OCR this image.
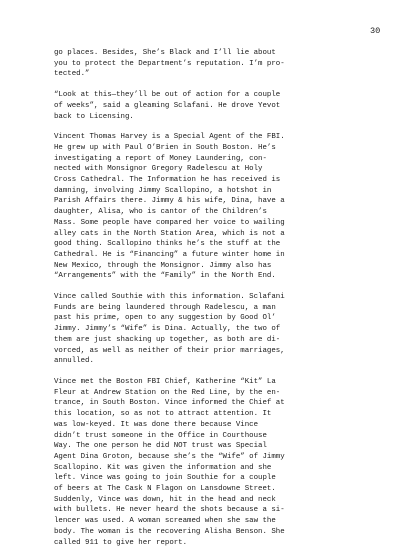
30

go places. Besides, She’s Black and I’ll lie about
you to protect the Department’s reputation. I’m pro-
tected.”

“Look at this—they’ll be out of action for a couple
of weeks”, said a gleaming Sclafani. He drove Yevot
back to Licensing.

Vincent Thomas Harvey is a Special Agent of the FBI.
He grew up with Paul O’Brien in South Boston. He’s
investigating a report of Money Laundering, con-
nected with Monsignor Gregory Radelescu at Holy
Cross Cathedral. The Information he has received is
damning, involving Jimmy Scallopino, a hotshot in
Parish Affairs there. Jimmy & his wife, Dina, have a
daughter, Alisa, who is cantor of the Children’s
Mass. Some people have compared her voice to wailing
alley cats in the North Station Area, which is not a
good thing. Scallopino thinks he’s the stuff at the
Cathedral. He is “Financing” a future winter home in
New Mexico, through the Monsignor. Jimmy also has
“Arrangements” with the “Family” in the North End.

Vince called Southie with this information. Sclafani
Funds are being laundered through Radelescu, a man
past his prime, open to any suggestion by Good Ol’
Jimmy. Jimmy’s “Wife” is Dina. Actually, the two of
them are just shacking up together, as both are di-
vorced, as well as neither of their prior marriages,
annulled.

Vince met the Boston FBI Chief, Katherine “Kit” La
Fleur at Andrew Station on the Red Line, by the en-
trance, in South Boston. Vince informed the Chief at
this location, so as not to attract attention. It
was low-keyed. It was done there because Vince
didn’t trust someone in the Office in Courthouse
Way. The one person he did NOT trust was Special
Agent Dina Groton, because she’s the “Wife” of Jimmy
Scallopino. Kit was given the information and she
left. Vince was going to join Southie for a couple
of beers at The Cask N Flagon on Lansdowne Street.
Suddenly, Vince was down, hit in the head and neck
with bullets. He never heard the shots because a si-
lencer was used. A woman screamed when she saw the
body. The woman is the recovering Alisha Benson. She
called 911 to give her report.
